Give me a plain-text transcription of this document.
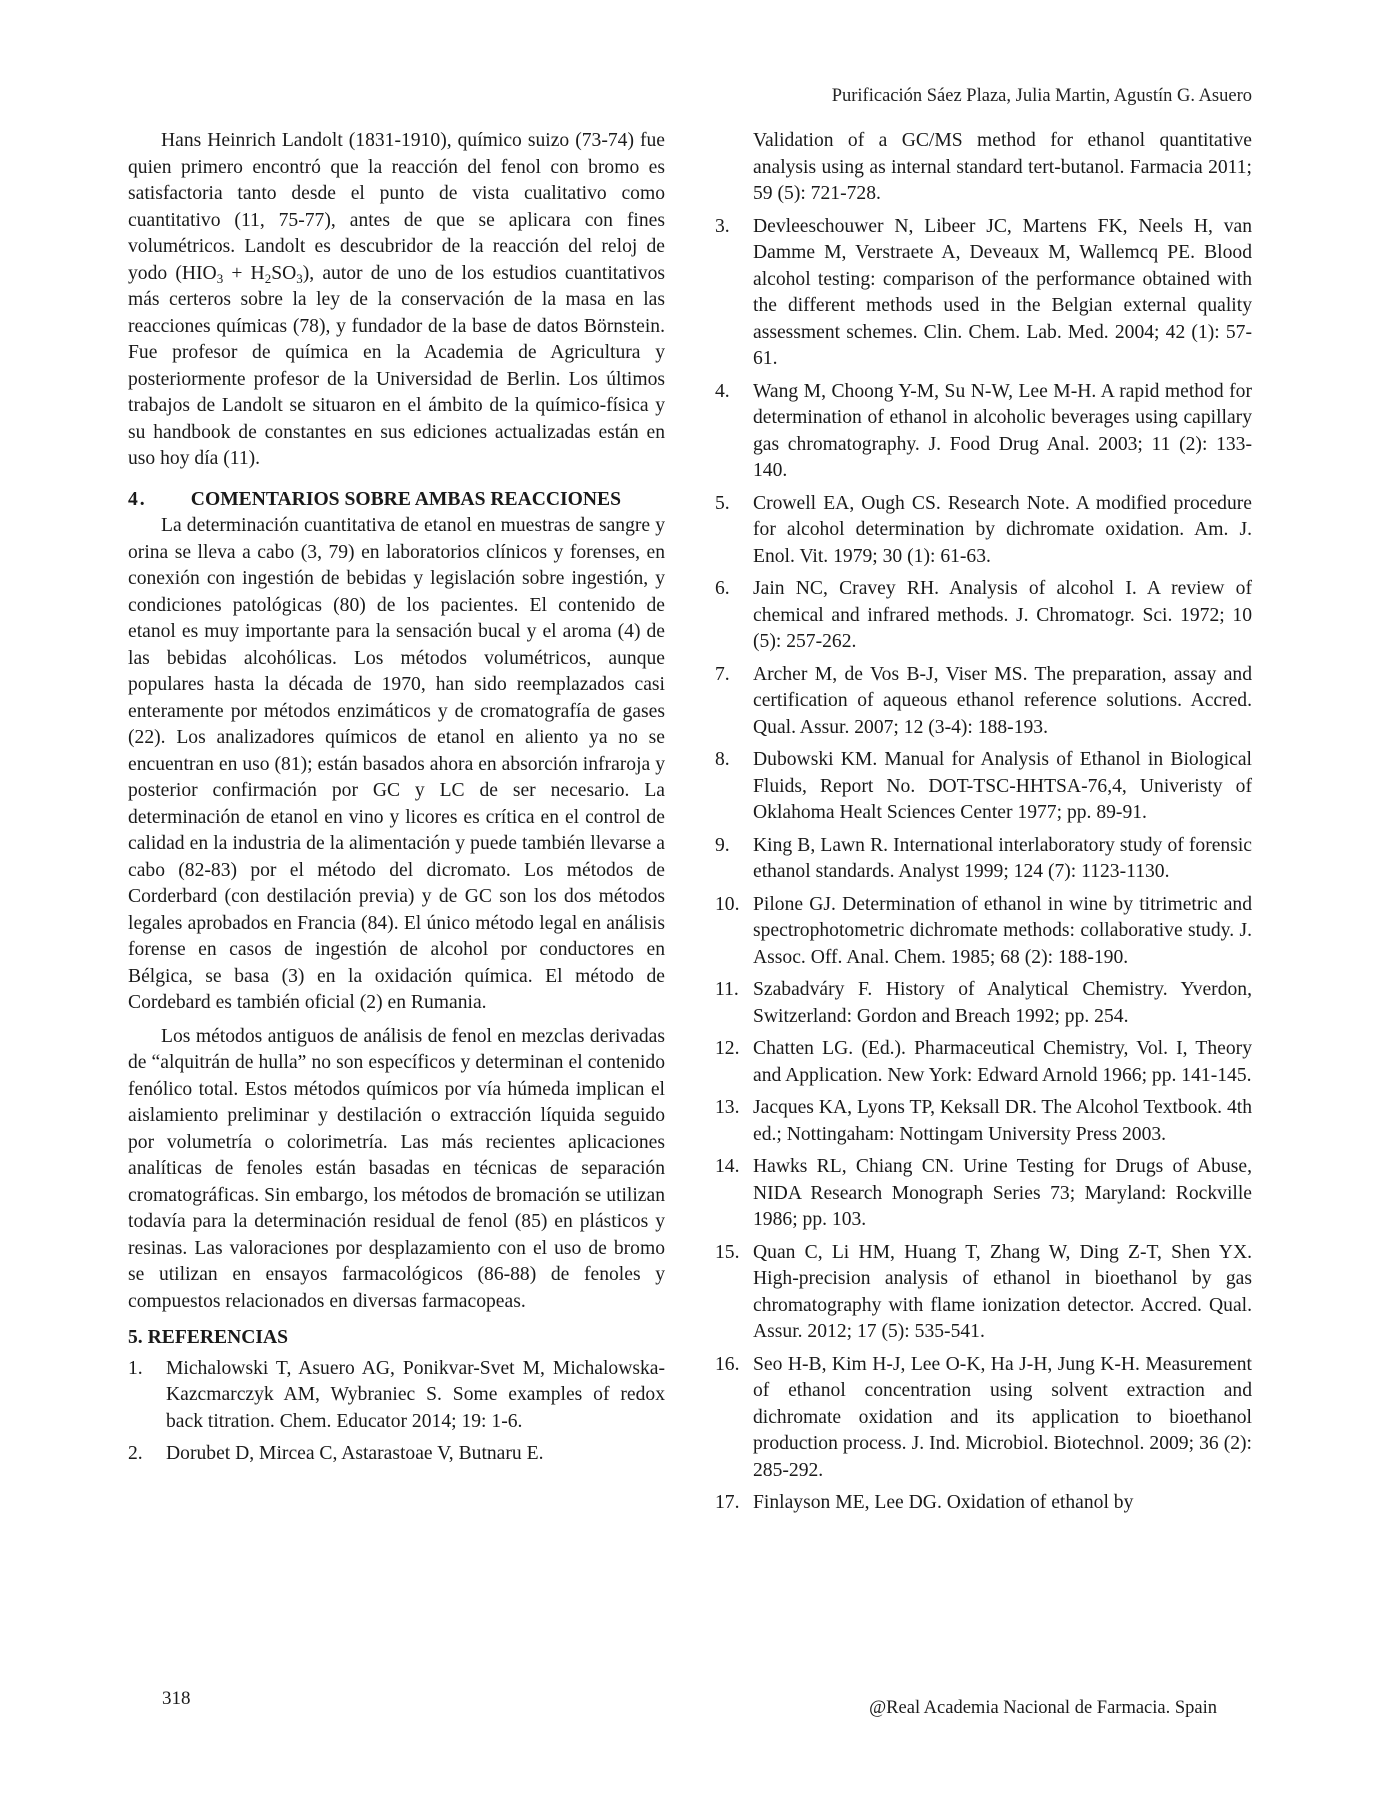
Purificación Sáez Plaza, Julia Martin, Agustín G. Asuero

Hans Heinrich Landolt (1831-1910), químico suizo (73-74) fue quien primero encontró que la reacción del fenol con bromo es satisfactoria tanto desde el punto de vista cualitativo como cuantitativo (11, 75-77), antes de que se aplicara con fines volumétricos. Landolt es descubridor de la reacción del reloj de yodo $(HIO_3 + H_2SO_3)$, autor de uno de los estudios cuantitativos más certeros sobre la ley de la conservación de la masa en las reacciones químicas (78), y fundador de la base de datos Börnstein. Fue profesor de química en la Academia de Agricultura y posteriormente profesor de la Universidad de Berlin. Los últimos trabajos de Landolt se situaron en el ámbito de la químico-física y su handbook de constantes en sus ediciones actualizadas están en uso hoy día (11).

4. COMENTARIOS SOBRE AMBAS REACCIONES

La determinación cuantitativa de etanol en muestras de sangre y orina se lleva a cabo (3, 79) en laboratorios clínicos y forenses, en conexión con ingestión de bebidas y legislación sobre ingestión, y condiciones patológicas (80) de los pacientes. El contenido de etanol es muy importante para la sensación bucal y el aroma (4) de las bebidas alcohólicas. Los métodos volumétricos, aunque populares hasta la década de 1970, han sido reemplazados casi enteramente por métodos enzimáticos y de cromatografía de gases (22). Los analizadores químicos de etanol en aliento ya no se encuentran en uso (81); están basados ahora en absorción infraroja y posterior confirmación por GC y LC de ser necesario. La determinación de etanol en vino y licores es crítica en el control de calidad en la industria de la alimentación y puede también llevarse a cabo (82-83) por el método del dicromato. Los métodos de Corderbard (con destilación previa) y de GC son los dos métodos legales aprobados en Francia (84). El único método legal en análisis forense en casos de ingestión de alcohol por conductores en Bélgica, se basa (3) en la oxidación química. El método de Cordebard es también oficial (2) en Rumania.

Los métodos antiguos de análisis de fenol en mezclas derivadas de “alquitrán de hulla” no son específicos y determinan el contenido fenólico total. Estos métodos químicos por vía húmeda implican el aislamiento preliminar y destilación o extracción líquida seguido por volumetría o colorimetría. Las más recientes aplicaciones analíticas de fenoles están basadas en técnicas de separación cromatográficas. Sin embargo, los métodos de bromación se utilizan todavía para la determinación residual de fenol (85) en plásticos y resinas. Las valoraciones por desplazamiento con el uso de bromo se utilizan en ensayos farmacológicos (86-88) de fenoles y compuestos relacionados en diversas farmacopeas.

5. REFERENCIAS
1. Michalowski T, Asuero AG, Ponikvar-Svet M, Michalowska-Kazcmarczyk AM, Wybraniec S. Some examples of redox back titration. Chem. Educator 2014; 19: 1-6.
2. Dorubet D, Mircea C, Astarastoae V, Butnaru E.
Validation of a GC/MS method for ethanol quantitative analysis using as internal standard tert-butanol. Farmacia 2011; 59 (5): 721-728.
3. Devleeschouwer N, Libeer JC, Martens FK, Neels H, van Damme M, Verstraete A, Deveaux M, Wallemcq PE. Blood alcohol testing: comparison of the performance obtained with the different methods used in the Belgian external quality assessment schemes. Clin. Chem. Lab. Med. 2004; 42 (1): 57-61.
4. Wang M, Choong Y-M, Su N-W, Lee M-H. A rapid method for determination of ethanol in alcoholic beverages using capillary gas chromatography. J. Food Drug Anal. 2003; 11 (2): 133-140.
5. Crowell EA, Ough CS. Research Note. A modified procedure for alcohol determination by dichromate oxidation. Am. J. Enol. Vit. 1979; 30 (1): 61-63.
6. Jain NC, Cravey RH. Analysis of alcohol I. A review of chemical and infrared methods. J. Chromatogr. Sci. 1972; 10 (5): 257-262.
7. Archer M, de Vos B-J, Viser MS. The preparation, assay and certification of aqueous ethanol reference solutions. Accred. Qual. Assur. 2007; 12 (3-4): 188-193.
8. Dubowski KM. Manual for Analysis of Ethanol in Biological Fluids, Report No. DOT-TSC-HHTSA-76,4, Univeristy of Oklahoma Healt Sciences Center 1977; pp. 89-91.
9. King B, Lawn R. International interlaboratory study of forensic ethanol standards. Analyst 1999; 124 (7): 1123-1130.
10. Pilone GJ. Determination of ethanol in wine by titrimetric and spectrophotometric dichromate methods: collaborative study. J. Assoc. Off. Anal. Chem. 1985; 68 (2): 188-190.
11. Szabadváry F. History of Analytical Chemistry. Yverdon, Switzerland: Gordon and Breach 1992; pp. 254.
12. Chatten LG. (Ed.). Pharmaceutical Chemistry, Vol. I, Theory and Application. New York: Edward Arnold 1966; pp. 141-145.
13. Jacques KA, Lyons TP, Keksall DR. The Alcohol Textbook. 4th ed.; Nottingaham: Nottingam University Press 2003.
14. Hawks RL, Chiang CN. Urine Testing for Drugs of Abuse, NIDA Research Monograph Series 73; Maryland: Rockville 1986; pp. 103.
15. Quan C, Li HM, Huang T, Zhang W, Ding Z-T, Shen YX. High-precision analysis of ethanol in bioethanol by gas chromatography with flame ionization detector. Accred. Qual. Assur. 2012; 17 (5): 535-541.
16. Seo H-B, Kim H-J, Lee O-K, Ha J-H, Jung K-H. Measurement of ethanol concentration using solvent extraction and dichromate oxidation and its application to bioethanol production process. J. Ind. Microbiol. Biotechnol. 2009; 36 (2): 285-292.
17. Finlayson ME, Lee DG. Oxidation of ethanol by
318	@Real Academia Nacional de Farmacia. Spain
